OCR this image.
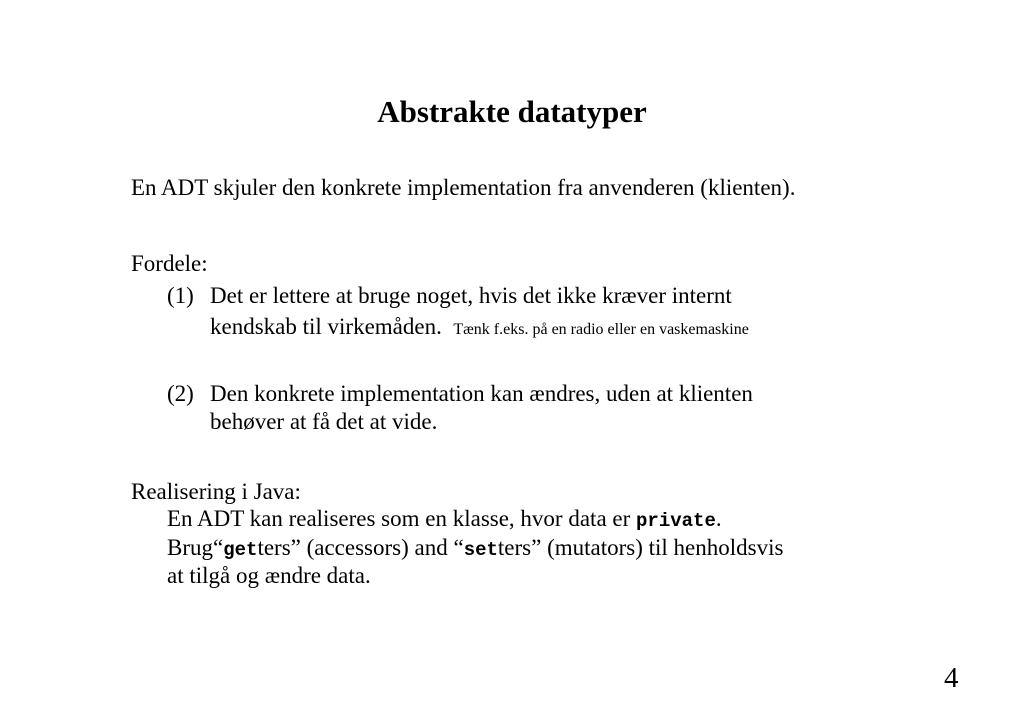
Abstrakte datatyper
En ADT skjuler den konkrete implementation fra anvenderen (klienten).
Fordele:
(1) Det er lettere at bruge noget, hvis det ikke kræver internt
kendskab til virkemåden. Tænk f.eks. på en radio eller en vaskemaskine
(2) Den konkrete implementation kan ændres, uden at klienten
behøver at få det at vide.
Realisering i Java:
En ADT kan realiseres som en klasse, hvor data er private.
Brug“getters” (accessors) and “setters” (mutators) til henholdsvis
at tilgå og ændre data.
4
